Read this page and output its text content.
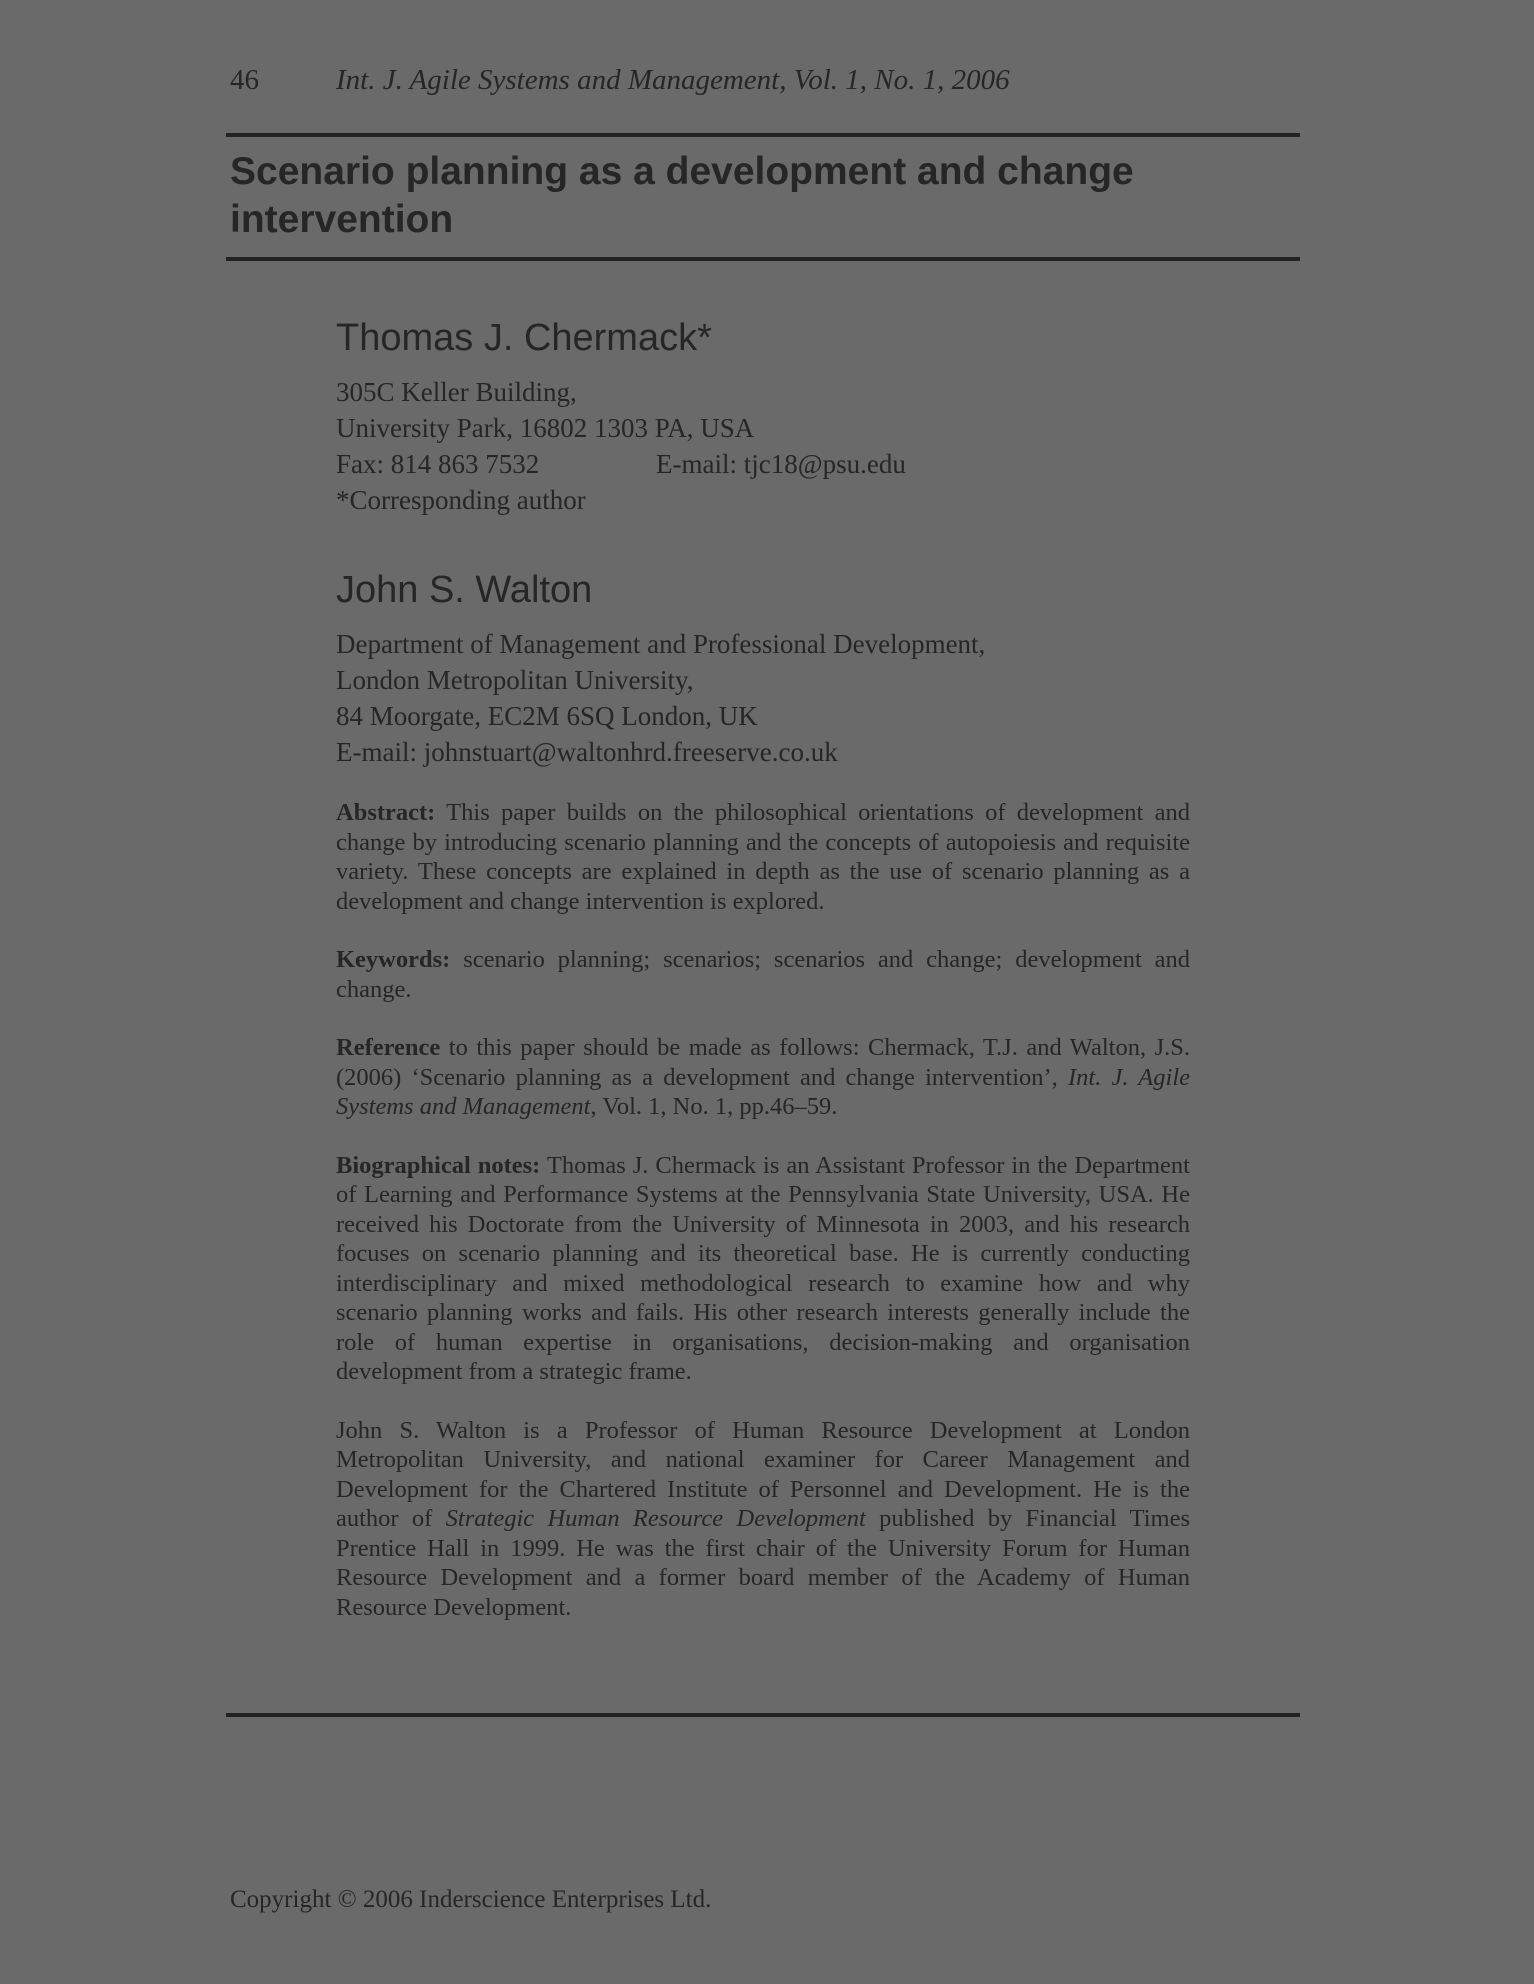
46	Int. J. Agile Systems and Management, Vol. 1, No. 1, 2006
Scenario planning as a development and change intervention
Thomas J. Chermack*
305C Keller Building,
University Park, 16802 1303 PA, USA
Fax: 814 863 7532	E-mail: tjc18@psu.edu
*Corresponding author
John S. Walton
Department of Management and Professional Development,
London Metropolitan University,
84 Moorgate, EC2M 6SQ London, UK
E-mail: johnstuart@waltonhrd.freeserve.co.uk

Abstract: This paper builds on the philosophical orientations of development and change by introducing scenario planning and the concepts of autopoiesis and requisite variety. These concepts are explained in depth as the use of scenario planning as a development and change intervention is explored.

Keywords: scenario planning; scenarios; scenarios and change; development and change.

Reference to this paper should be made as follows: Chermack, T.J. and Walton, J.S. (2006) ‘Scenario planning as a development and change intervention’, Int. J. Agile Systems and Management, Vol. 1, No. 1, pp.46–59.

Biographical notes: Thomas J. Chermack is an Assistant Professor in the Department of Learning and Performance Systems at the Pennsylvania State University, USA. He received his Doctorate from the University of Minnesota in 2003, and his research focuses on scenario planning and its theoretical base. He is currently conducting interdisciplinary and mixed methodological research to examine how and why scenario planning works and fails. His other research interests generally include the role of human expertise in organisations, decision-making and organisation development from a strategic frame.

John S. Walton is a Professor of Human Resource Development at London Metropolitan University, and national examiner for Career Management and Development for the Chartered Institute of Personnel and Development. He is the author of Strategic Human Resource Development published by Financial Times Prentice Hall in 1999. He was the first chair of the University Forum for Human Resource Development and a former board member of the Academy of Human Resource Development.

Copyright © 2006 Inderscience Enterprises Ltd.
